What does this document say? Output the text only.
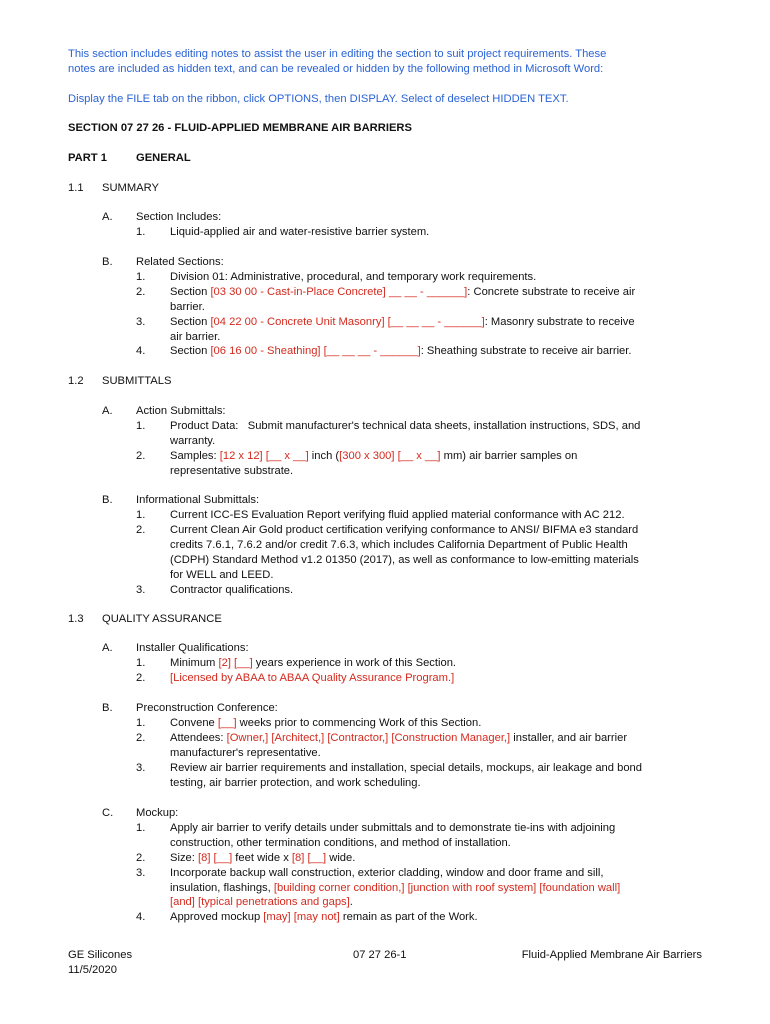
This section includes editing notes to assist the user in editing the section to suit project requirements. These
notes are included as hidden text, and can be revealed or hidden by the following method in Microsoft Word:
Display the FILE tab on the ribbon, click OPTIONS, then DISPLAY. Select of deselect HIDDEN TEXT.
SECTION 07 27 26 - FLUID-APPLIED MEMBRANE AIR BARRIERS
PART 1	GENERAL
1.1 SUMMARY
A. Section Includes:
1. Liquid-applied air and water-resistive barrier system.
B. Related Sections:
1. Division 01: Administrative, procedural, and temporary work requirements.
2. Section [03 30 00 - Cast-in-Place Concrete] __ __ - ______]: Concrete substrate to receive air
barrier.
3. Section [04 22 00 - Concrete Unit Masonry] [__ __ __ - ______]: Masonry substrate to receive
air barrier.
4. Section [06 16 00 - Sheathing] [__ __ __ - ______]: Sheathing substrate to receive air barrier.
1.2 SUBMITTALS
A. Action Submittals:
1. Product Data:   Submit manufacturer's technical data sheets, installation instructions, SDS, and
warranty.
2. Samples: [12 x 12] [__ x __] inch ([300 x 300] [__ x __] mm) air barrier samples on
representative substrate.
B. Informational Submittals:
1. Current ICC-ES Evaluation Report verifying fluid applied material conformance with AC 212.
2. Current Clean Air Gold product certification verifying conformance to ANSI/ BIFMA e3 standard
credits 7.6.1, 7.6.2 and/or credit 7.6.3, which includes California Department of Public Health
(CDPH) Standard Method v1.2 01350 (2017), as well as conformance to low-emitting materials
for WELL and LEED.
3. Contractor qualifications.
1.3 QUALITY ASSURANCE
A. Installer Qualifications:
1. Minimum [2] [__] years experience in work of this Section.
2. [Licensed by ABAA to ABAA Quality Assurance Program.]
B. Preconstruction Conference:
1. Convene [__] weeks prior to commencing Work of this Section.
2. Attendees: [Owner,] [Architect,] [Contractor,] [Construction Manager,] installer, and air barrier
manufacturer's representative.
3. Review air barrier requirements and installation, special details, mockups, air leakage and bond
testing, air barrier protection, and work scheduling.
C. Mockup:
1. Apply air barrier to verify details under submittals and to demonstrate tie-ins with adjoining
construction, other termination conditions, and method of installation.
2. Size: [8] [__] feet wide x [8] [__] wide.
3. Incorporate backup wall construction, exterior cladding, window and door frame and sill,
insulation, flashings, [building corner condition,] [junction with roof system] [foundation wall]
[and] [typical penetrations and gaps].
4. Approved mockup [may] [may not] remain as part of the Work.
GE Silicones
11/5/2020
07 27 26-1	Fluid-Applied Membrane Air Barriers
